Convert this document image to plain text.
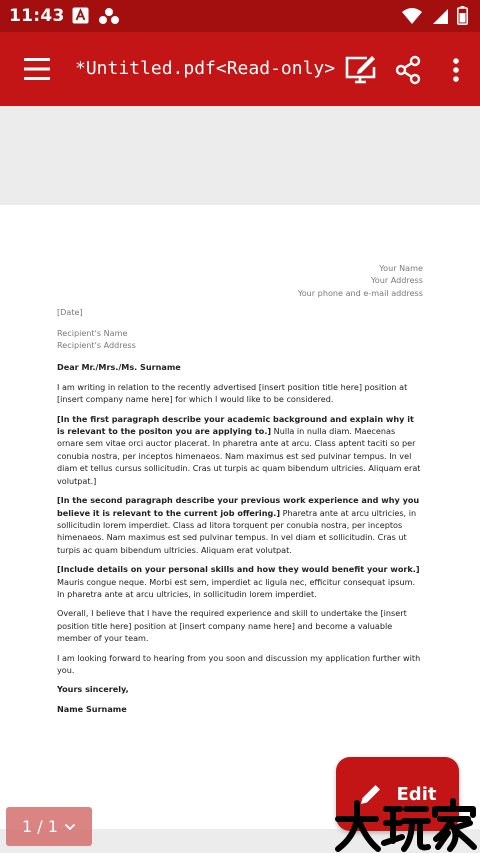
11:43
*Untitled.pdf<Read-only>
Your Name
Your Address
Your phone and e-mail address
[Date]
Recipient's Name
Recipient's Address
Dear Mr./Mrs./Ms. Surname
I am writing in relation to the recently advertised [insert position title here] position at [insert company name here] for which I would like to be considered.
[In the first paragraph describe your academic background and explain why it is relevant to the positon you are applying to.] Nulla in nulla diam. Maecenas ornare sem vitae orci auctor placerat. In pharetra ante at arcu. Class aptent taciti so per conubia nostra, per inceptos himenaeos. Nam maximus est sed pulvinar tempus. In vel diam et tellus cursus sollicitudin. Cras ut turpis ac quam bibendum ultricies. Aliquam erat volutpat.]
[In the second paragraph describe your previous work experience and why you believe it is relevant to the current job offering.] Pharetra ante at arcu ultricies, in sollicitudin lorem imperdiet. Class ad litora torquent per conubia nostra, per inceptos himenaeos. Nam maximus est sed pulvinar tempus. In vel diam et sollicitudin. Cras ut turpis ac quam bibendum ultricies. Aliquam erat volutpat.
[Include details on your personal skills and how they would benefit your work.] Mauris congue neque. Morbi est sem, imperdiet ac ligula nec, efficitur consequat ipsum. In pharetra ante at arcu ultricies, in sollicitudin lorem imperdiet.
Overall, I believe that I have the required experience and skill to undertake the [insert position title here] position at [insert company name here] and become a valuable member of your team.
I am looking forward to hearing from you soon and discussion my application further with you.
Yours sincerely,
Name Surname
1 / 1
Edit
